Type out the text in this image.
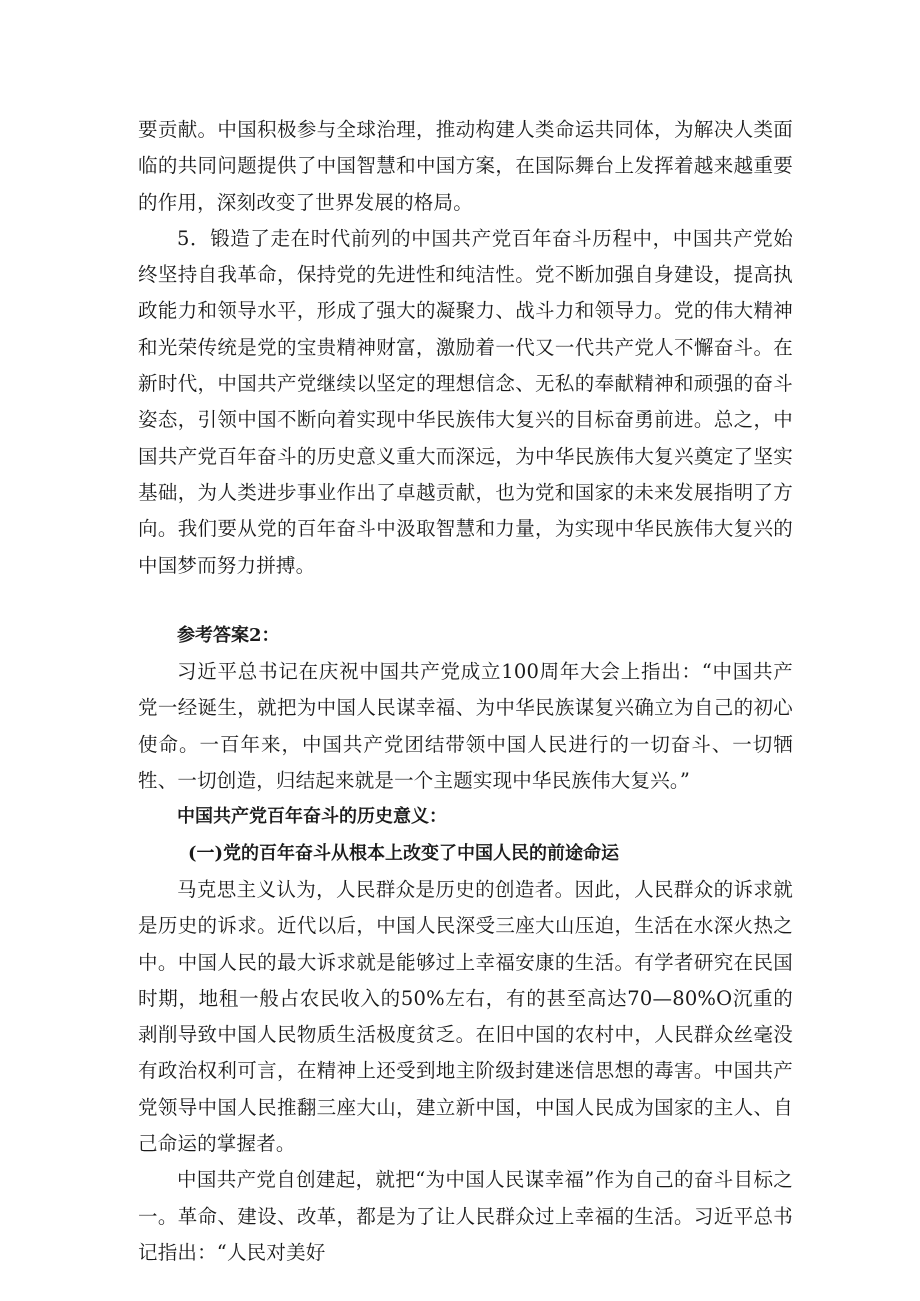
要贡献。中国积极参与全球治理，推动构建人类命运共同体，为解决人类面临的共同问题提供了中国智慧和中国方案，在国际舞台上发挥着越来越重要的作用，深刻改变了世界发展的格局。

5．锻造了走在时代前列的中国共产党百年奋斗历程中，中国共产党始终坚持自我革命，保持党的先进性和纯洁性。党不断加强自身建设，提高执政能力和领导水平，形成了强大的凝聚力、战斗力和领导力。党的伟大精神和光荣传统是党的宝贵精神财富，激励着一代又一代共产党人不懈奋斗。在新时代，中国共产党继续以坚定的理想信念、无私的奉献精神和顽强的奋斗姿态，引领中国不断向着实现中华民族伟大复兴的目标奋勇前进。总之，中国共产党百年奋斗的历史意义重大而深远，为中华民族伟大复兴奠定了坚实基础，为人类进步事业作出了卓越贡献，也为党和国家的未来发展指明了方向。我们要从党的百年奋斗中汲取智慧和力量，为实现中华民族伟大复兴的中国梦而努力拼搏。

参考答案2：

习近平总书记在庆祝中国共产党成立100周年大会上指出：“中国共产党一经诞生，就把为中国人民谋幸福、为中华民族谋复兴确立为自己的初心使命。一百年来，中国共产党团结带领中国人民进行的一切奋斗、一切牺牲、一切创造，归结起来就是一个主题实现中华民族伟大复兴。”

中国共产党百年奋斗的历史意义：

(一)党的百年奋斗从根本上改变了中国人民的前途命运

马克思主义认为，人民群众是历史的创造者。因此，人民群众的诉求就是历史的诉求。近代以后，中国人民深受三座大山压迫，生活在水深火热之中。中国人民的最大诉求就是能够过上幸福安康的生活。有学者研究在民国时期，地租一般占农民收入的50%左右，有的甚至高达70—80%O沉重的剥削导致中国人民物质生活极度贫乏。在旧中国的农村中，人民群众丝毫没有政治权利可言，在精神上还受到地主阶级封建迷信思想的毒害。中国共产党领导中国人民推翻三座大山，建立新中国，中国人民成为国家的主人、自己命运的掌握者。

中国共产党自创建起，就把“为中国人民谋幸福”作为自己的奋斗目标之一。革命、建设、改革，都是为了让人民群众过上幸福的生活。习近平总书记指出：“人民对美好
